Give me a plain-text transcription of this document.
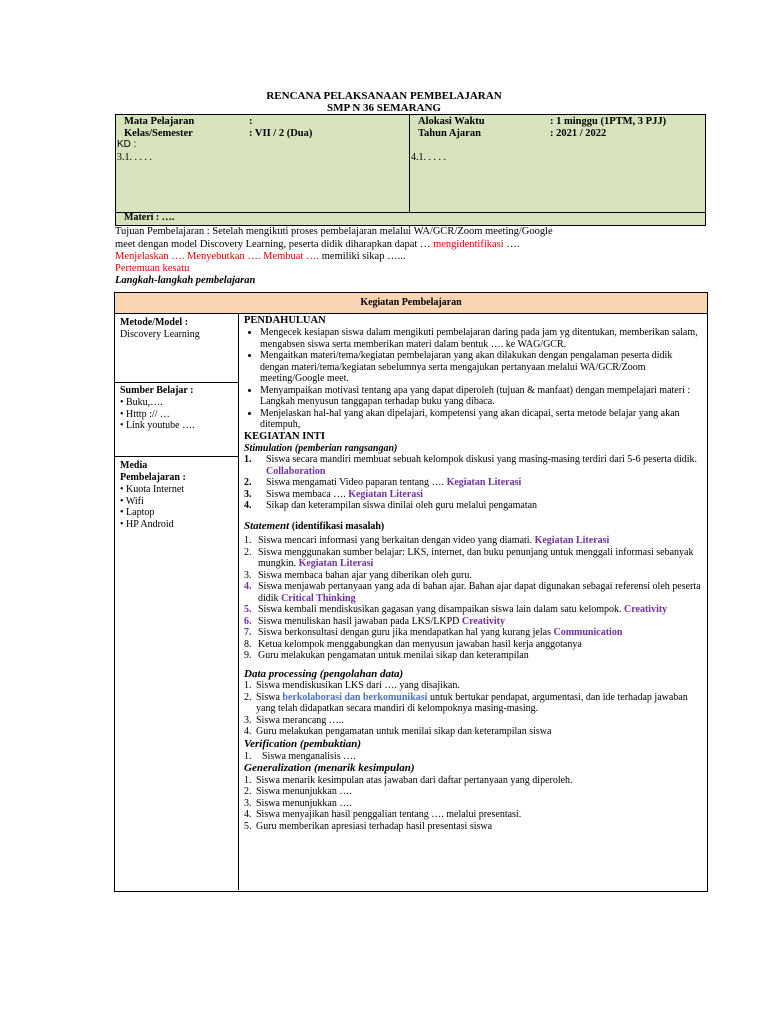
RENCANA PELAKSANAAN PEMBELAJARAN
SMP N 36 SEMARANG
Mata Pelajaran	:
Kelas/Semester	: VII / 2 (Dua)
Alokasi Waktu	: 1 minggu (1PTM, 3 PJJ)
Tahun Ajaran	: 2021 / 2022
KD :
3.1. . . . .	4.1. . . . .
Materi : ….
Tujuan Pembelajaran : Setelah mengikuti proses pembelajaran melalui WA/GCR/Zoom meeting/Google
meet dengan model Discovery Learning, peserta didik diharapkan dapat … mengidentifikasi ….
Menjelaskan …. Menyebutkan …. Membuat …. memiliki sikap …...
Pertemuan kesatu
Langkah-langkah pembelajaran
Kegiatan Pembelajaran
Metode/Model :
Discovery Learning
Sumber Belajar :
• Buku,….
• Htttp :// …
• Link youtube ….
Media
Pembelajaran :
• Kuota Internet
• Wifi
• Laptop
• HP Android
PENDAHULUAN
• Mengecek kesiapan siswa dalam mengikuti pembelajaran daring pada jam yg ditentukan, memberikan salam, mengabsen siswa serta memberikan materi dalam bentuk …. ke WAG/GCR.
• Mengaitkan materi/tema/kegiatan pembelajaran yang akan dilakukan dengan pengalaman peserta didik dengan materi/tema/kegiatan sebelumnya serta mengajukan pertanyaan melalui WA/GCR/Zoom meeting/Google meet.
• Menyampaikan motivasi tentang apa yang dapat diperoleh (tujuan & manfaat) dengan mempelajari materi : Langkah menyusun tanggapan terhadap buku yang dibaca.
• Menjelaskan hal-hal yang akan dipelajari, kompetensi yang akan dicapai, serta metode belajar yang akan ditempuh,
KEGIATAN INTI
Stimulation (pemberian rangsangan)
1.	Siswa secara mandiri membuat sebuah kelompok diskusi yang masing-masing terdiri dari 5-6 peserta didik. Collaboration
2.	Siswa mengamati Video paparan tentang …. Kegiatan Literasi
3.	Siswa membaca …. Kegiatan Literasi
4.	Sikap dan keterampilan siswa dinilai oleh guru melalui pengamatan
Statement (identifikasi masalah)
1. Siswa mencari informasi yang berkaitan dengan video yang diamati. Kegiatan Literasi
2. Siswa menggunakan sumber belajar: LKS, internet, dan buku penunjang untuk menggali informasi sebanyak mungkin. Kegiatan Literasi
3. Siswa membaca bahan ajar yang diberikan oleh guru.
4. Siswa menjawab pertanyaan yang ada di bahan ajar. Bahan ajar dapat digunakan sebagai referensi oleh peserta didik Critical Thinking
5. Siswa kembali mendiskusikan gagasan yang disampaikan siswa lain dalam satu kelompok. Creativity
6. Siswa menuliskan hasil jawaban pada LKS/LKPD Creativity
7. Siswa berkonsultasi dengan guru jika mendapatkan hal yang kurang jelas Communication
8. Ketua kelompok menggabungkan dan menyusun jawaban hasil kerja anggotanya
9. Guru melakukan pengamatan untuk menilai sikap dan keterampilan
Data processing (pengolahan data)
1. Siswa mendiskusikan LKS dari …. yang disajikan.
2. Siswa berkolaborasi dan berkomunikasi untuk bertukar pendapat, argumentasi, dan ide terhadap jawaban yang telah didapatkan secara mandiri di kelompoknya masing-masing.
3. Siswa merancang …..
4. Guru melakukan pengamatan untuk menilai sikap dan keterampilan siswa
Verification (pembuktian)
1.	Siswa menganalisis ….
Generalization (menarik kesimpulan)
1. Siswa menarik kesimpulan atas jawaban dari daftar pertanyaan yang diperoleh.
2. Siswa menunjukkan ….
3. Siswa menunjukkan ….
4. Siswa menyajikan hasil penggalian tentang …. melalui presentasi.
5. Guru memberikan apresiasi terhadap hasil presentasi siswa
